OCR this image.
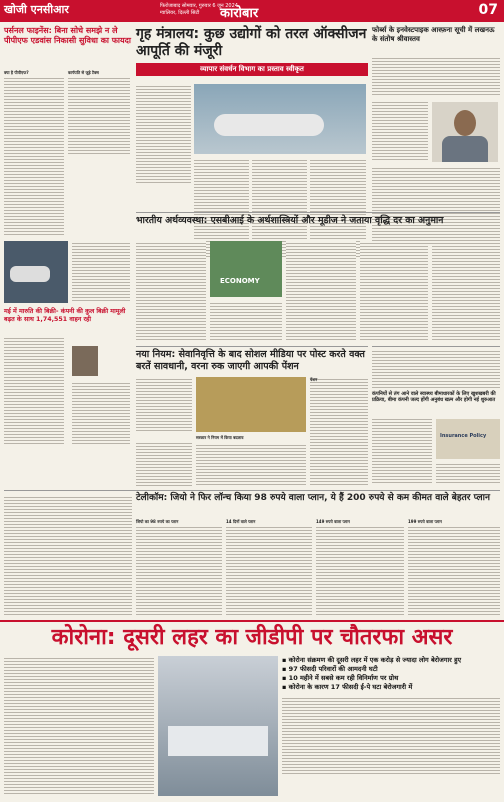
खोजी एनसीआर	फिरोजाबाद सोमवार, गुरुवार 6 जून 2024
ग्वालियर, दिल्ली सिटी	कारोबार	07
पर्सनल फाइनेंस: बिना सोचे समझे न ले पीपीएफ एडवांस निकासी सुविधा का फायदा
क्या है पीपीएफ?	कार्यपति से जुड़े टैक्स
मई में मारुति की बिक्री- कंपनी की कुल बिक्री मामूली बढ़त के साथ 1,74,551 वाहन रही
गृह मंत्रालय: कुछ उद्योगों को तरल ऑक्सीजन आपूर्ति की मंजूरी
व्यापार संवर्धन विभाग का प्रस्ताव स्वीकृत
फोर्ब्स के इनवेस्टपाइक आस्फ़ना सूची में लखनऊ के संतोष श्रीवास्तव
भारतीय अर्थव्यवस्था: एसबीआई के अर्थशास्त्रियों और मूडीज ने जताया वृद्धि दर का अनुमान
ECONOMY
नया नियम: सेवानिवृत्ति के बाद सोशल मीडिया पर पोस्ट करते वक्त बरतें सावधानी, वरना रुक जाएगी आपकी पेंशन
पेंशन
सरकार ने नियम में किया बदलाव
कंपनियों से तंग आने वाले स्वास्थ्य बीमाधारकों के लिए खुशखबरी की प्रक्रिया, बीमा कंपनी जल्द होंगी अनुबंध खत्म और होगी नई शुरुआत
Insurance Policy
टेलीकॉम: जियो ने फिर लॉन्च किया 98 रुपये वाला प्लान, ये हैं 200 रुपये से कम कीमत वाले बेहतर प्लान
जियो का 98 रुपये का प्लान	14 दिनों वाले प्लान	149 रुपये वाला प्लान	199 रुपये वाला प्लान
कोरोना: दूसरी लहर का जीडीपी पर चौतरफा असर
▪ कोरोना संक्रमण की दूसरी लहर में एक करोड़ से ज्यादा लोग बेरोजगार हुए
▪ 97 फीसदी परिवारों की आमदनी घटी
▪ 10 महीने में सबसे कम रही विनिर्माण पर ग्रोथ
▪ कोरोना के कारण 17 फीसदी ई-पे घटा बेरोजगारी में
